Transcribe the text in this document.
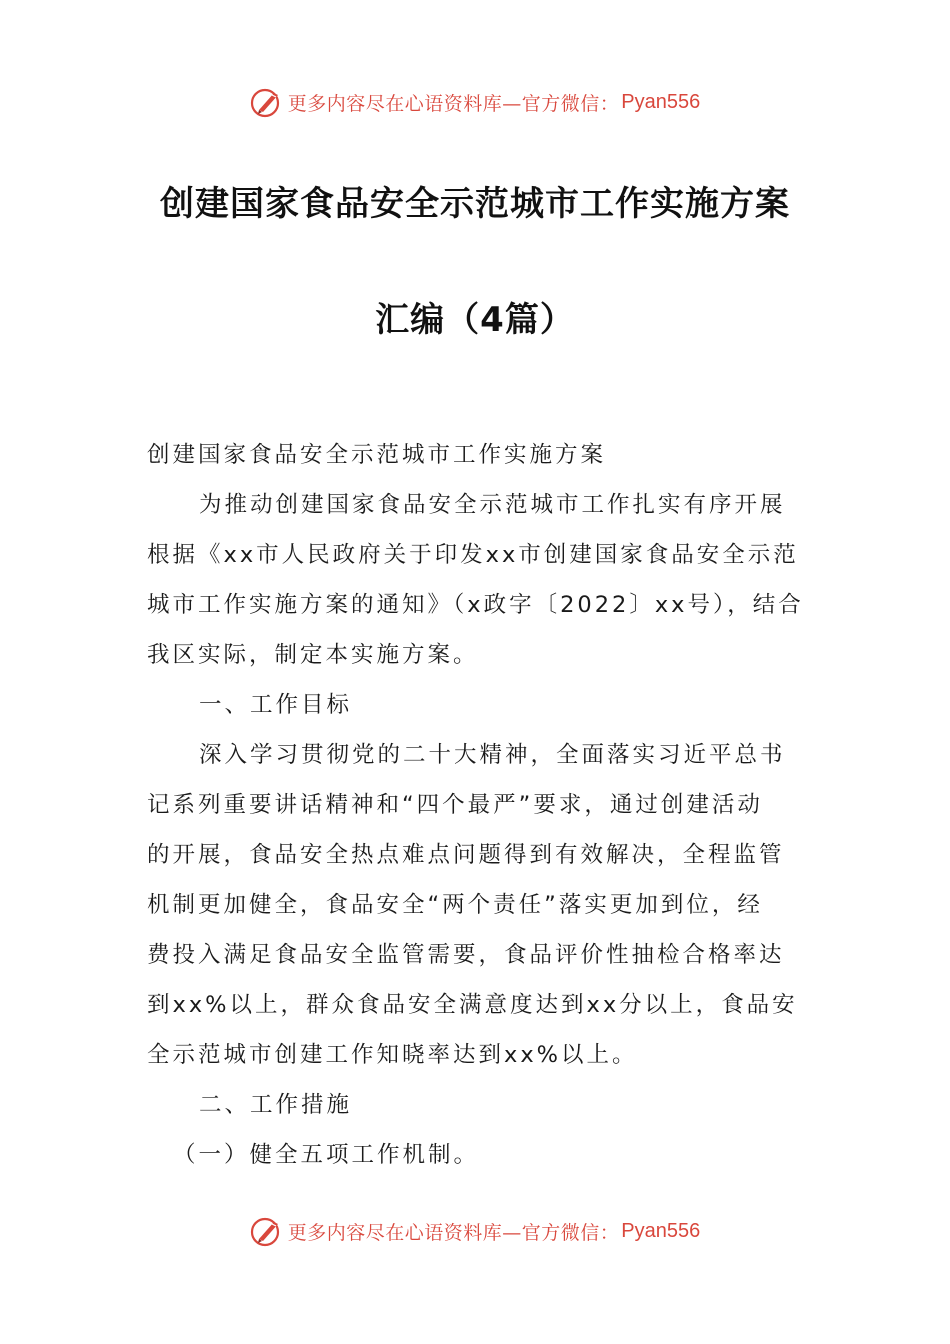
更多内容尽在心语资料库—官方微信： Pyan556
创建国家食品安全示范城市工作实施方案
汇编（4篇）
创建国家食品安全示范城市工作实施方案
为推动创建国家食品安全示范城市工作扎实有序开展
根据《xx市人民政府关于印发xx市创建国家食品安全示范
城市工作实施方案的通知》（x政字〔2022〕xx号），结合
我区实际，制定本实施方案。
一、工作目标
深入学习贯彻党的二十大精神，全面落实习近平总书
记系列重要讲话精神和“四个最严”要求，通过创建活动
的开展，食品安全热点难点问题得到有效解决，全程监管
机制更加健全，食品安全“两个责任”落实更加到位，经
费投入满足食品安全监管需要，食品评价性抽检合格率达
到xx%以上，群众食品安全满意度达到xx分以上，食品安
全示范城市创建工作知晓率达到xx%以上。
二、工作措施
（一）健全五项工作机制。
更多内容尽在心语资料库—官方微信： Pyan556
